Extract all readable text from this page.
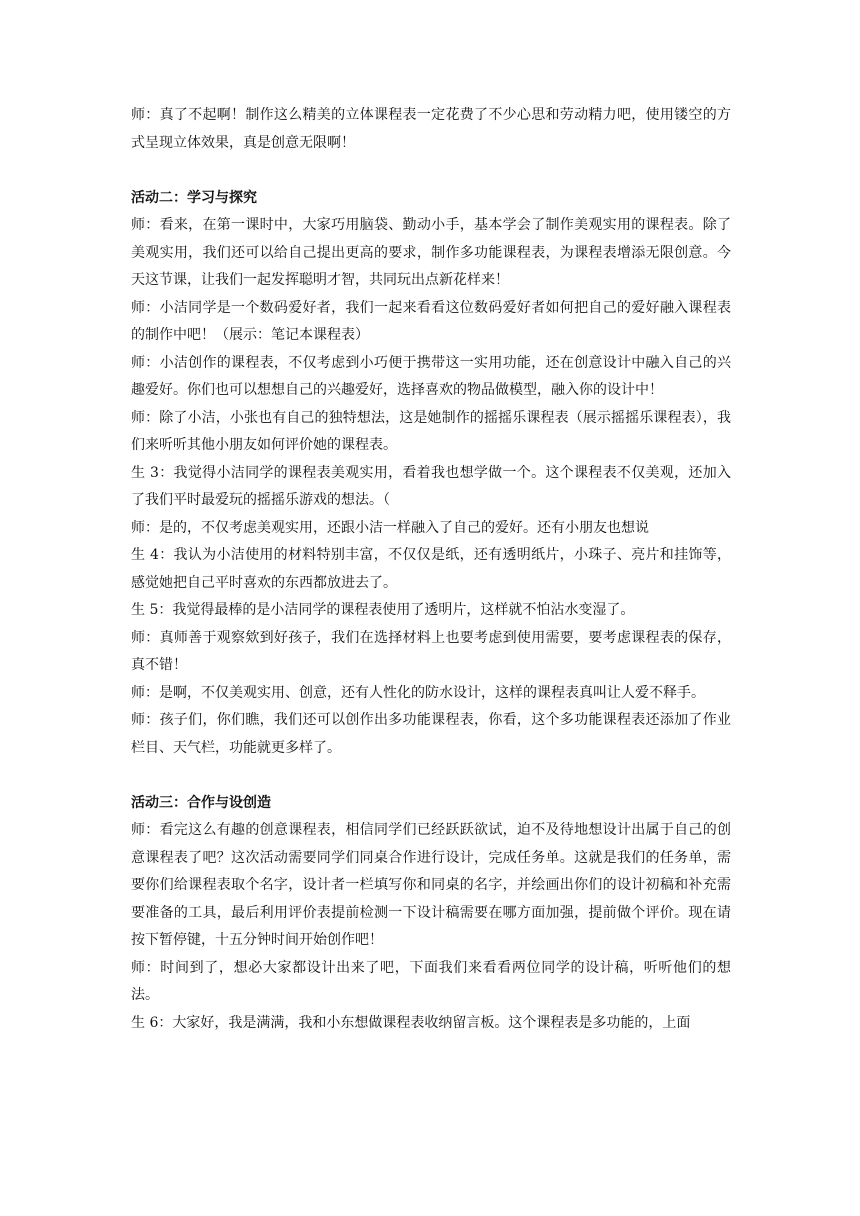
师：真了不起啊！制作这么精美的立体课程表一定花费了不少心思和劳动精力吧，使用镂空的方式呈现立体效果，真是创意无限啊！

活动二：学习与探究

师：看来，在第一课时中，大家巧用脑袋、勤动小手，基本学会了制作美观实用的课程表。除了美观实用，我们还可以给自己提出更高的要求，制作多功能课程表，为课程表增添无限创意。今天这节课，让我们一起发挥聪明才智，共同玩出点新花样来！

师：小洁同学是一个数码爱好者，我们一起来看看这位数码爱好者如何把自己的爱好融入课程表的制作中吧！（展示：笔记本课程表）

师：小洁创作的课程表，不仅考虑到小巧便于携带这一实用功能，还在创意设计中融入自己的兴趣爱好。你们也可以想想自己的兴趣爱好，选择喜欢的物品做模型，融入你的设计中！

师：除了小洁，小张也有自己的独特想法，这是她制作的摇摇乐课程表（展示摇摇乐课程表），我们来听听其他小朋友如何评价她的课程表。

生 3：我觉得小洁同学的课程表美观实用，看着我也想学做一个。这个课程表不仅美观，还加入了我们平时最爱玩的摇摇乐游戏的想法。（

师：是的，不仅考虑美观实用，还跟小洁一样融入了自己的爱好。还有小朋友也想说

生 4：我认为小洁使用的材料特别丰富，不仅仅是纸，还有透明纸片，小珠子、亮片和挂饰等，感觉她把自己平时喜欢的东西都放进去了。

生 5：我觉得最棒的是小洁同学的课程表使用了透明片，这样就不怕沾水变湿了。

师：真师善于观察欸到好孩子，我们在选择材料上也要考虑到使用需要，要考虑课程表的保存，真不错！

师：是啊，不仅美观实用、创意，还有人性化的防水设计，这样的课程表真叫让人爱不释手。

师：孩子们，你们瞧，我们还可以创作出多功能课程表，你看，这个多功能课程表还添加了作业栏目、天气栏，功能就更多样了。

活动三：合作与设创造

师：看完这么有趣的创意课程表，相信同学们已经跃跃欲试，迫不及待地想设计出属于自己的创意课程表了吧？这次活动需要同学们同桌合作进行设计，完成任务单。这就是我们的任务单，需要你们给课程表取个名字，设计者一栏填写你和同桌的名字，并绘画出你们的设计初稿和补充需要准备的工具，最后利用评价表提前检测一下设计稿需要在哪方面加强，提前做个评价。现在请按下暂停键，十五分钟时间开始创作吧！

师：时间到了，想必大家都设计出来了吧，下面我们来看看两位同学的设计稿，听听他们的想法。

生 6：大家好，我是满满，我和小东想做课程表收纳留言板。这个课程表是多功能的，上面
